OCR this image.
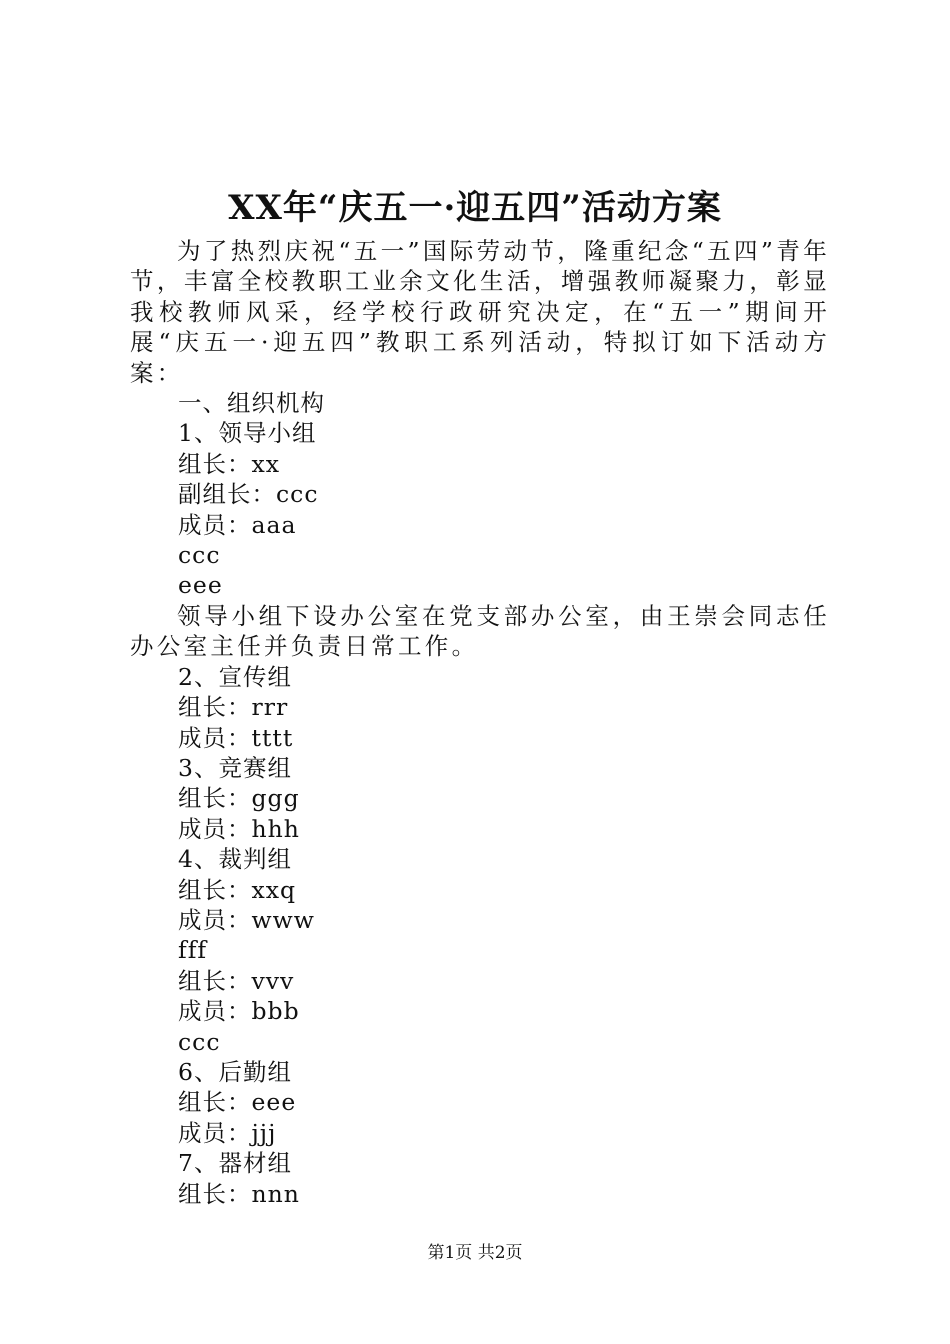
XX年“庆五一·迎五四”活动方案

为了热烈庆祝“五一”国际劳动节，隆重纪念“五四”青年节，丰富全校教职工业余文化生活，增强教师凝聚力，彰显我校教师风采，经学校行政研究决定，在“五一”期间开展“庆五一·迎五四”教职工系列活动，特拟订如下活动方案：

一、组织机构

1、领导小组

组长：xx

副组长：ccc

成员：aaa

ccc

eee

领导小组下设办公室在党支部办公室，由王崇会同志任办公室主任并负责日常工作。

2、宣传组

组长：rrr

成员：tttt

3、竞赛组

组长：ggg

成员：hhh

4、裁判组

组长：xxq

成员：www

fff

组长：vvv

成员：bbb

ccc

6、后勤组

组长：eee

成员：jjj

7、器材组

组长：nnn

第1页 共2页
